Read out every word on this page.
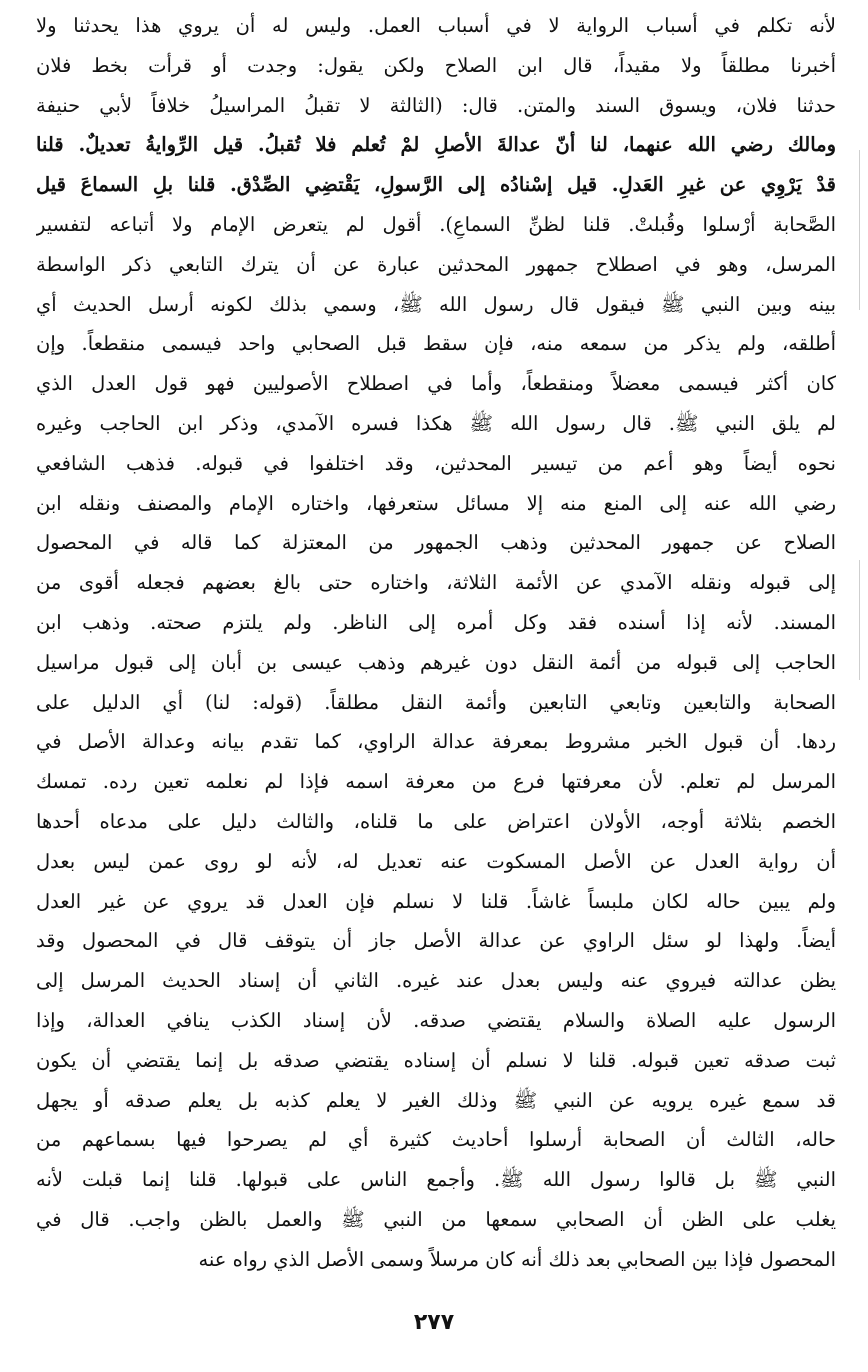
لأنه تكلم في أسباب الرواية لا في أسباب العمل. وليس له أن يروي هذا يحدثنا ولا
أخبرنا مطلقاً ولا مقيداً، قال ابن الصلاح ولكن يقول: وجدت أو قرأت بخط فلان
حدثنا فلان، ويسوق السند والمتن. قال: (الثالثة لا تقبلُ المراسيلُ خلافاً لأبي حنيفة
ومالك رضي الله عنهما، لنا أنّ عدالةَ الأصلِ لمْ تُعلم فلا تُقبلُ. قيل الرِّوايةُ تعديلٌ. قلنا
قدْ يَرْوِي عن غيرِ العَدلِ. قيل إسْنادُه إلى الرَّسولِ، يَقْتضِي الصِّدْق. قلنا بلِ السماعَ قيل
الصَّحابة أرْسلوا وقُبلتْ. قلنا لظنِّ السماعِ). أقول لم يتعرض الإمام ولا أتباعه لتفسير
المرسل، وهو في اصطلاح جمهور المحدثين عبارة عن أن يترك التابعي ذكر الواسطة
بينه وبين النبي ﷺ فيقول قال رسول الله ﷺ، وسمي بذلك لكونه أرسل الحديث أي
أطلقه، ولم يذكر من سمعه منه، فإن سقط قبل الصحابي واحد فيسمى منقطعاً. وإن
كان أكثر فيسمى معضلاً ومنقطعاً، وأما في اصطلاح الأصوليين فهو قول العدل الذي
لم يلق النبي ﷺ. قال رسول الله ﷺ هكذا فسره الآمدي، وذكر ابن الحاجب وغيره
نحوه أيضاً وهو أعم من تيسير المحدثين، وقد اختلفوا في قبوله. فذهب الشافعي
رضي الله عنه إلى المنع منه إلا مسائل ستعرفها، واختاره الإمام والمصنف ونقله ابن
الصلاح عن جمهور المحدثين وذهب الجمهور من المعتزلة كما قاله في المحصول
إلى قبوله ونقله الآمدي عن الأئمة الثلاثة، واختاره حتى بالغ بعضهم فجعله أقوى من
المسند. لأنه إذا أسنده فقد وكل أمره إلى الناظر. ولم يلتزم صحته. وذهب ابن
الحاجب إلى قبوله من أئمة النقل دون غيرهم وذهب عيسى بن أبان إلى قبول مراسيل
الصحابة والتابعين وتابعي التابعين وأئمة النقل مطلقاً. (قوله: لنا) أي الدليل على
ردها. أن قبول الخبر مشروط بمعرفة عدالة الراوي، كما تقدم بيانه وعدالة الأصل في
المرسل لم تعلم. لأن معرفتها فرع من معرفة اسمه فإذا لم نعلمه تعين رده. تمسك
الخصم بثلاثة أوجه، الأولان اعتراض على ما قلناه، والثالث دليل على مدعاه أحدها
أن رواية العدل عن الأصل المسكوت عنه تعديل له، لأنه لو روى عمن ليس بعدل
ولم يبين حاله لكان ملبساً غاشاً. قلنا لا نسلم فإن العدل قد يروي عن غير العدل
أيضاً. ولهذا لو سئل الراوي عن عدالة الأصل جاز أن يتوقف قال في المحصول وقد
يظن عدالته فيروي عنه وليس بعدل عند غيره. الثاني أن إسناد الحديث المرسل إلى
الرسول عليه الصلاة والسلام يقتضي صدقه. لأن إسناد الكذب ينافي العدالة، وإذا
ثبت صدقه تعين قبوله. قلنا لا نسلم أن إسناده يقتضي صدقه بل إنما يقتضي أن يكون
قد سمع غيره يرويه عن النبي ﷺ وذلك الغير لا يعلم كذبه بل يعلم صدقه أو يجهل
حاله، الثالث أن الصحابة أرسلوا أحاديث كثيرة أي لم يصرحوا فيها بسماعهم من
النبي ﷺ بل قالوا رسول الله ﷺ. وأجمع الناس على قبولها. قلنا إنما قبلت لأنه
يغلب على الظن أن الصحابي سمعها من النبي ﷺ والعمل بالظن واجب. قال في
المحصول فإذا بين الصحابي بعد ذلك أنه كان مرسلاً وسمى الأصل الذي رواه عنه
٢٧٧
